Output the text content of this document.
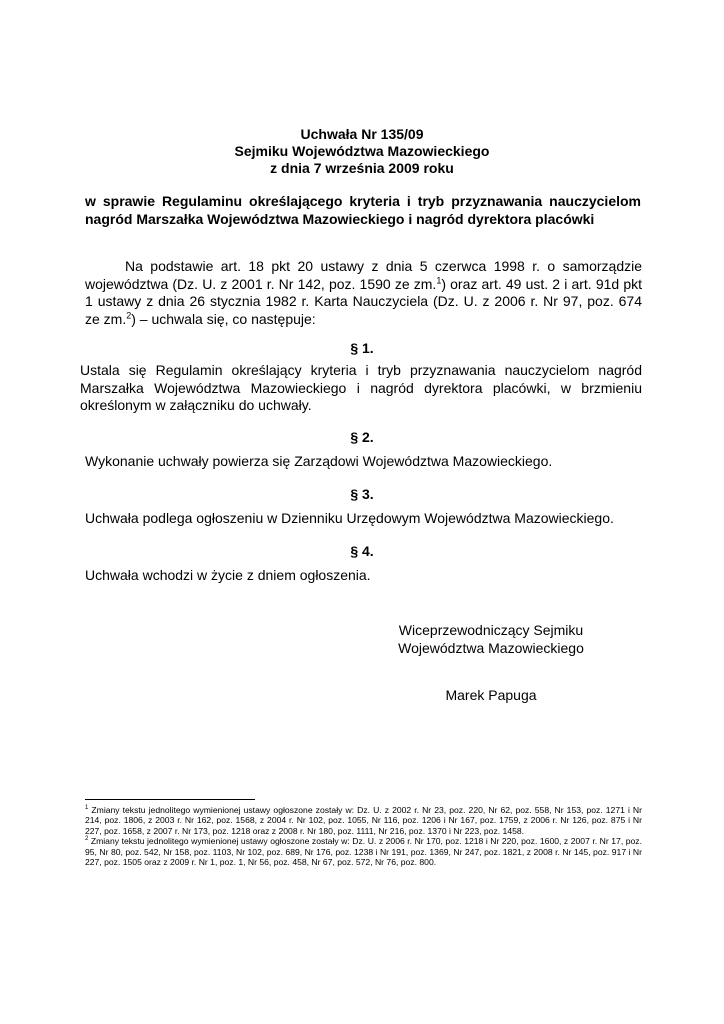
Uchwała Nr 135/09
Sejmiku Województwa Mazowieckiego
z dnia 7 września 2009 roku
w sprawie Regulaminu określającego kryteria i tryb przyznawania nauczycielom nagród Marszałka Województwa Mazowieckiego i nagród dyrektora placówki
Na podstawie art. 18 pkt 20 ustawy z dnia 5 czerwca 1998 r. o samorządzie województwa (Dz. U. z 2001 r. Nr 142, poz. 1590 ze zm.$^1$) oraz art. 49 ust. 2 i art. 91d pkt 1 ustawy z dnia 26 stycznia 1982 r. Karta Nauczyciela (Dz. U. z 2006 r. Nr 97, poz. 674 ze zm.$^2$) – uchwala się, co następuje:
§ 1.
Ustala się Regulamin określający kryteria i tryb przyznawania nauczycielom nagród Marszałka Województwa Mazowieckiego i nagród dyrektora placówki, w brzmieniu określonym w załączniku do uchwały.
§ 2.
Wykonanie uchwały powierza się Zarządowi Województwa Mazowieckiego.
§ 3.
Uchwała podlega ogłoszeniu w Dzienniku Urzędowym Województwa Mazowieckiego.
§ 4.
Uchwała wchodzi w życie z dniem ogłoszenia.
Wiceprzewodniczący Sejmiku
Województwa Mazowieckiego
Marek Papuga

$^1$ Zmiany tekstu jednolitego wymienionej ustawy ogłoszone zostały w: Dz. U. z 2002 r. Nr 23, poz. 220, Nr 62, poz. 558, Nr 153, poz. 1271 i Nr 214, poz. 1806, z 2003 r. Nr 162, poz. 1568, z 2004 r. Nr 102, poz. 1055, Nr 116, poz. 1206 i Nr 167, poz. 1759, z 2006 r. Nr 126, poz. 875 i Nr 227, poz. 1658, z 2007 r. Nr 173, poz. 1218 oraz z 2008 r. Nr 180, poz. 1111, Nr 216, poz. 1370 i Nr 223, poz. 1458.

$^2$ Zmiany tekstu jednolitego wymienionej ustawy ogłoszone zostały w: Dz. U. z 2006 r. Nr 170, poz. 1218 i Nr 220, poz. 1600, z 2007 r. Nr 17, poz. 95, Nr 80, poz. 542, Nr 158, poz. 1103, Nr 102, poz. 689, Nr 176, poz. 1238 i Nr 191, poz. 1369, Nr 247, poz. 1821, z 2008 r. Nr 145, poz. 917 i Nr 227, poz. 1505 oraz z 2009 r. Nr 1, poz. 1, Nr 56, poz. 458, Nr 67, poz. 572, Nr 76, poz. 800.
